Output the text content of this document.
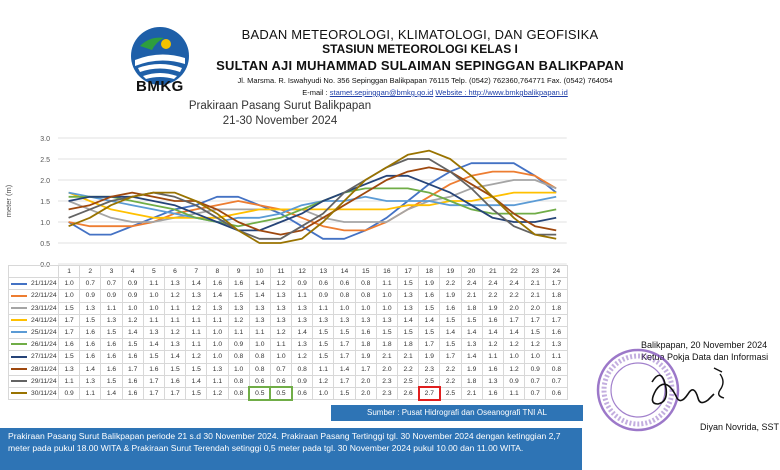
BMKG
BADAN METEOROLOGI, KLIMATOLOGI, DAN GEOFISIKA
STASIUN METEOROLOGI KELAS I
SULTAN AJI MUHAMMAD SULAIMAN SEPINGGAN BALIKPAPAN
Jl. Marsma. R. Iswahyudi No. 356 Sepinggan Balikpapan 76115 Telp. (0542) 762360,764771 Fax. (0542) 764054
E-mail : stamet.sepinggan@bmkg.go.id Website : http://www.bmkgbalikpapan.id
Prakiraan Pasang Surut Balikpapan
21-30 November 2024
0.0
0.5
1.0
1.5
2.0
2.5
3.0
meter (m)
	1	2	3	4	5	6	7	8	9	10	11	12	13	14	15	16	17	18	19	20	21	22	23	24
21/11/24	1.0	0.7	0.7	0.9	1.1	1.3	1.4	1.6	1.6	1.4	1.2	0.9	0.6	0.6	0.8	1.1	1.5	1.9	2.2	2.4	2.4	2.4	2.1	1.7
22/11/24	1.0	0.9	0.9	0.9	1.0	1.2	1.3	1.4	1.5	1.4	1.3	1.1	0.9	0.8	0.8	1.0	1.3	1.6	1.9	2.1	2.2	2.2	2.1	1.8
23/11/24	1.5	1.3	1.1	1.0	1.0	1.1	1.2	1.3	1.3	1.3	1.3	1.3	1.1	1.0	1.0	1.0	1.3	1.5	1.6	1.8	1.9	2.0	2.0	1.8
24/11/24	1.7	1.5	1.3	1.2	1.1	1.1	1.1	1.1	1.2	1.3	1.3	1.3	1.3	1.3	1.3	1.3	1.4	1.4	1.5	1.5	1.6	1.7	1.7	1.7
25/11/24	1.7	1.6	1.5	1.4	1.3	1.2	1.1	1.0	1.1	1.1	1.2	1.4	1.5	1.5	1.6	1.5	1.5	1.5	1.4	1.4	1.4	1.4	1.5	1.6
26/11/24	1.6	1.6	1.6	1.5	1.4	1.3	1.1	1.0	0.9	1.0	1.1	1.3	1.5	1.7	1.8	1.8	1.8	1.7	1.5	1.3	1.2	1.2	1.2	1.3
27/11/24	1.5	1.6	1.6	1.6	1.5	1.4	1.2	1.0	0.8	0.8	1.0	1.2	1.5	1.7	1.9	2.1	2.1	1.9	1.7	1.4	1.1	1.0	1.0	1.1
28/11/24	1.3	1.4	1.6	1.7	1.6	1.5	1.5	1.3	1.0	0.8	0.7	0.8	1.1	1.4	1.7	2.0	2.2	2.3	2.2	1.9	1.6	1.2	0.9	0.8
29/11/24	1.1	1.3	1.5	1.6	1.7	1.6	1.4	1.1	0.8	0.6	0.6	0.9	1.2	1.7	2.0	2.3	2.5	2.5	2.2	1.8	1.3	0.9	0.7	0.7
30/11/24	0.9	1.1	1.4	1.6	1.7	1.7	1.5	1.2	0.8	0.5	0.5	0.6	1.0	1.5	2.0	2.3	2.6	2.7	2.5	2.1	1.6	1.1	0.7	0.6
Sumber : Pusat Hidrografi dan Oseanografi TNI AL
Prakiraan Pasang Surut Balikpapan periode 21 s.d 30 November 2024. Prakiraan Pasang Tertinggi tgl. 30 November 2024 dengan ketinggian 2,7 meter pada pukul 18.00 WITA & Prakiraan Surut Terendah setinggi 0,5 meter pada tgl. 30 November 2024 pukul 10.00 dan 11.00 WITA.
Balikpapan, 20 November 2024
Ketua Pokja Data dan Informasi
Diyan Novrida, SST
